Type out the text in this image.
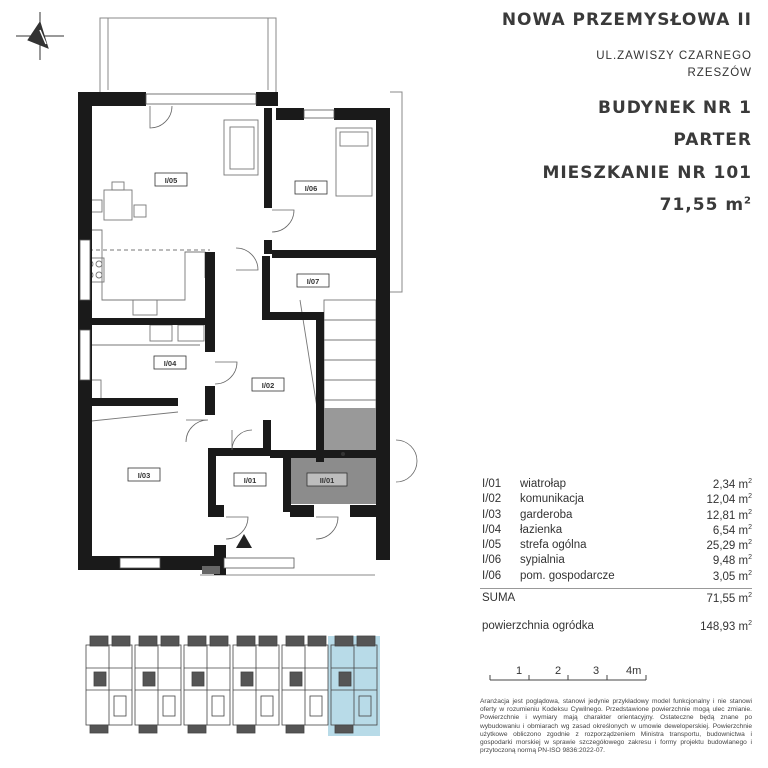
I/05
I/06
I/07
I/04
I/02
I/03
I/01	II/01
NOWA PRZEMYSŁOWA II
UL.ZAWISZY CZARNEGO
RZESZÓW
BUDYNEK NR 1
PARTER
MIESZKANIE NR 101
71,55 $m^2$
I/01 wiatrołap	2,34 $m^2$
I/02 komunikacja	12,04 $m^2$
I/03 garderoba	12,81 $m^2$
I/04 łazienka	6,54 $m^2$
I/05 strefa ogólna	25,29 $m^2$
I/06 sypialnia	9,48 $m^2$
I/06 pom. gospodarcze	3,05 $m^2$
SUMA	71,55 $m^2$
powierzchnia ogródka	148,93 $m^2$
1	2	3 4m
Aranżacja jest poglądowa, stanowi jedynie przykładowy model funkcjonalny i nie stanowi oferty w rozumieniu Kodeksu Cywilnego. Przedstawione powierzchnie mogą ulec zmianie. Powierzchnie i wymiary mają charakter orientacyjny. Ostateczne będą znane po wybudowaniu i obmiarach wg zasad określonych w umowie deweloperskiej. Powierzchnie użytkowe obliczono zgodnie z rozporządzeniem Ministra transportu, budownictwa i gospodarki morskiej w sprawie szczegółowego zakresu i formy projektu budowlanego i przytoczoną normą PN-ISO 9836:2022-07.
